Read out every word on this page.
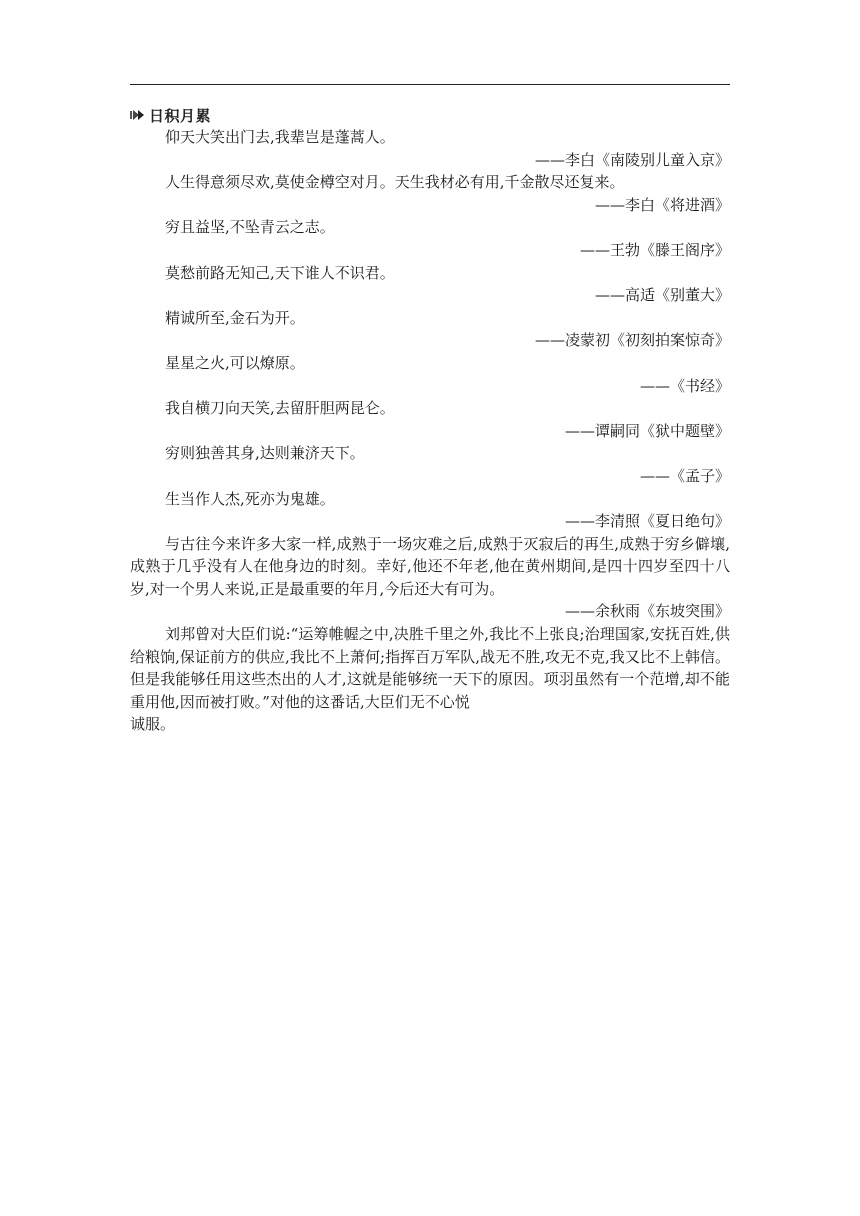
日积月累
仰天大笑出门去,我辈岂是蓬蒿人。
——李白《南陵别儿童入京》
人生得意须尽欢,莫使金樽空对月。天生我材必有用,千金散尽还复来。
——李白《将进酒》
穷且益坚,不坠青云之志。
——王勃《滕王阁序》
莫愁前路无知己,天下谁人不识君。
——高适《别董大》
精诚所至,金石为开。
——凌蒙初《初刻拍案惊奇》
星星之火,可以燎原。
——《书经》
我自横刀向天笑,去留肝胆两昆仑。
——谭嗣同《狱中题壁》
穷则独善其身,达则兼济天下。
——《孟子》
生当作人杰,死亦为鬼雄。
——李清照《夏日绝句》
与古往今来许多大家一样,成熟于一场灾难之后,成熟于灭寂后的再生,成熟于穷乡僻壤,成熟于几乎没有人在他身边的时刻。幸好,他还不年老,他在黄州期间,是四十四岁至四十八岁,对一个男人来说,正是最重要的年月,今后还大有可为。
——余秋雨《东坡突围》
刘邦曾对大臣们说:“运筹帷幄之中,决胜千里之外,我比不上张良;治理国家,安抚百姓,供给粮饷,保证前方的供应,我比不上萧何;指挥百万军队,战无不胜,攻无不克,我又比不上韩信。但是我能够任用这些杰出的人才,这就是能够统一天下的原因。项羽虽然有一个范增,却不能重用他,因而被打败。”对他的这番话,大臣们无不心悦
诚服。
